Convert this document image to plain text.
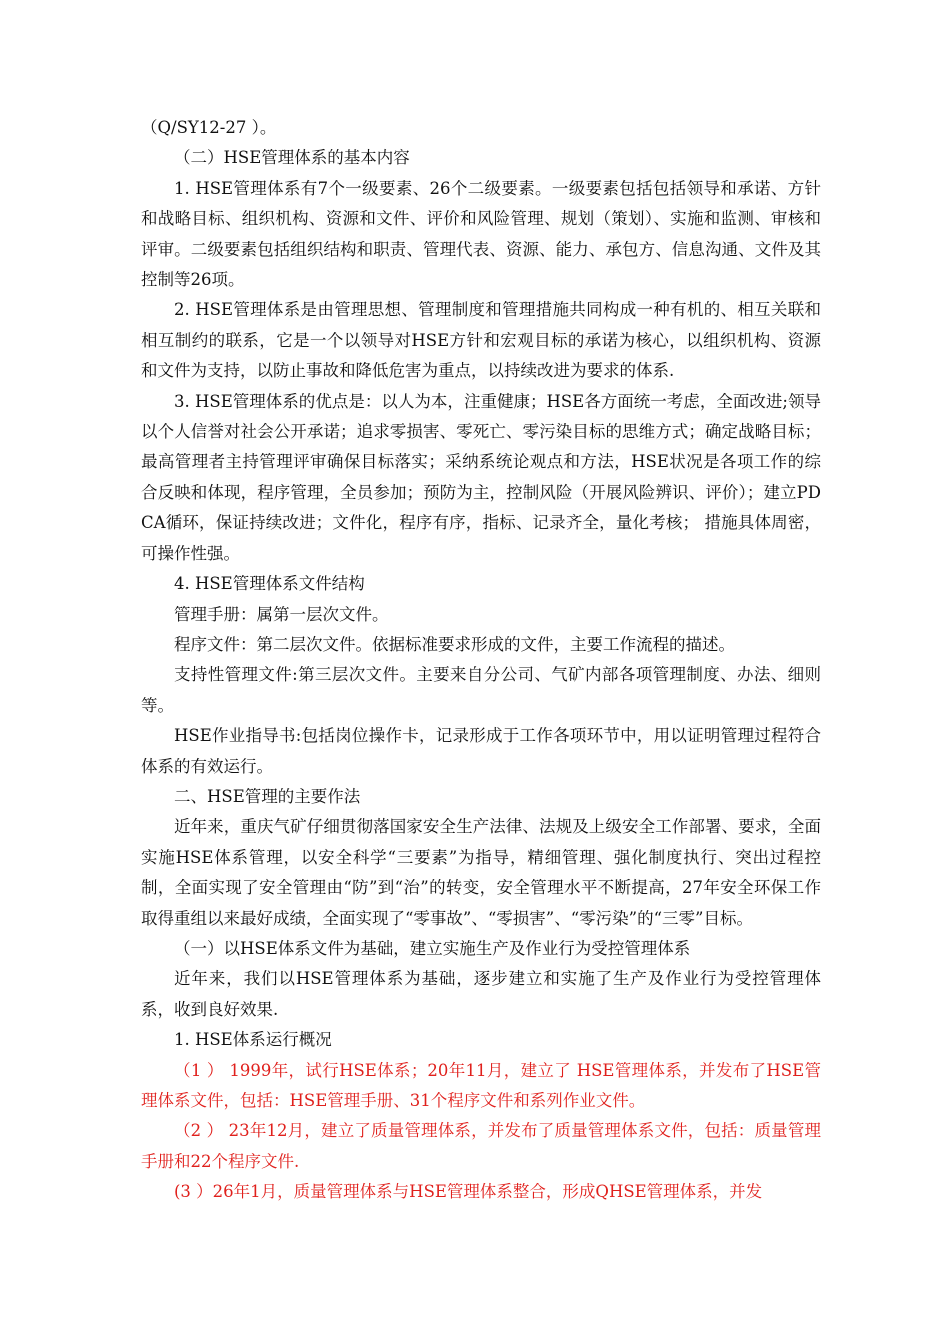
（Q/SY12-27 ）。

（二）HSE管理体系的基本内容

1. HSE管理体系有7个一级要素、26个二级要素。一级要素包括包括领导和承诺、方针和战略目标、组织机构、资源和文件、评价和风险管理、规划（策划）、实施和监测、审核和评审。二级要素包括组织结构和职责、管理代表、资源、能力、承包方、信息沟通、文件及其控制等26项。

2. HSE管理体系是由管理思想、管理制度和管理措施共同构成一种有机的、相互关联和相互制约的联系，它是一个以领导对HSE方针和宏观目标的承诺为核心，以组织机构、资源和文件为支持，以防止事故和降低危害为重点，以持续改进为要求的体系.

3. HSE管理体系的优点是：以人为本，注重健康；HSE各方面统一考虑，全面改进;领导以个人信誉对社会公开承诺；追求零损害、零死亡、零污染目标的思维方式；确定战略目标；最高管理者主持管理评审确保目标落实；采纳系统论观点和方法，HSE状况是各项工作的综合反映和体现，程序管理，全员参加；预防为主，控制风险（开展风险辨识、评价）；建立PDCA循环，保证持续改进；文件化，程序有序，指标、记录齐全，量化考核； 措施具体周密，可操作性强。

4. HSE管理体系文件结构

管理手册：属第一层次文件。

程序文件：第二层次文件。依据标准要求形成的文件，主要工作流程的描述。

支持性管理文件:第三层次文件。主要来自分公司、气矿内部各项管理制度、办法、细则等。

HSE作业指导书:包括岗位操作卡，记录形成于工作各项环节中，用以证明管理过程符合体系的有效运行。

二、HSE管理的主要作法

近年来，重庆气矿仔细贯彻落国家安全生产法律、法规及上级安全工作部署、要求，全面实施HSE体系管理，以安全科学“三要素”为指导，精细管理、强化制度执行、突出过程控制，全面实现了安全管理由“防”到“治”的转变，安全管理水平不断提高，27年安全环保工作取得重组以来最好成绩，全面实现了“零事故”、“零损害”、“零污染”的“三零”目标。

（一）以HSE体系文件为基础，建立实施生产及作业行为受控管理体系

近年来，我们以HSE管理体系为基础，逐步建立和实施了生产及作业行为受控管理体系，收到良好效果.

1. HSE体系运行概况

（1 ） 1999年，试行HSE体系；20年11月，建立了 HSE管理体系，并发布了HSE管理体系文件，包括：HSE管理手册、31个程序文件和系列作业文件。

（2 ） 23年12月，建立了质量管理体系，并发布了质量管理体系文件，包括：质量管理手册和22个程序文件.

(3 ）26年1月，质量管理体系与HSE管理体系整合，形成QHSE管理体系，并发
